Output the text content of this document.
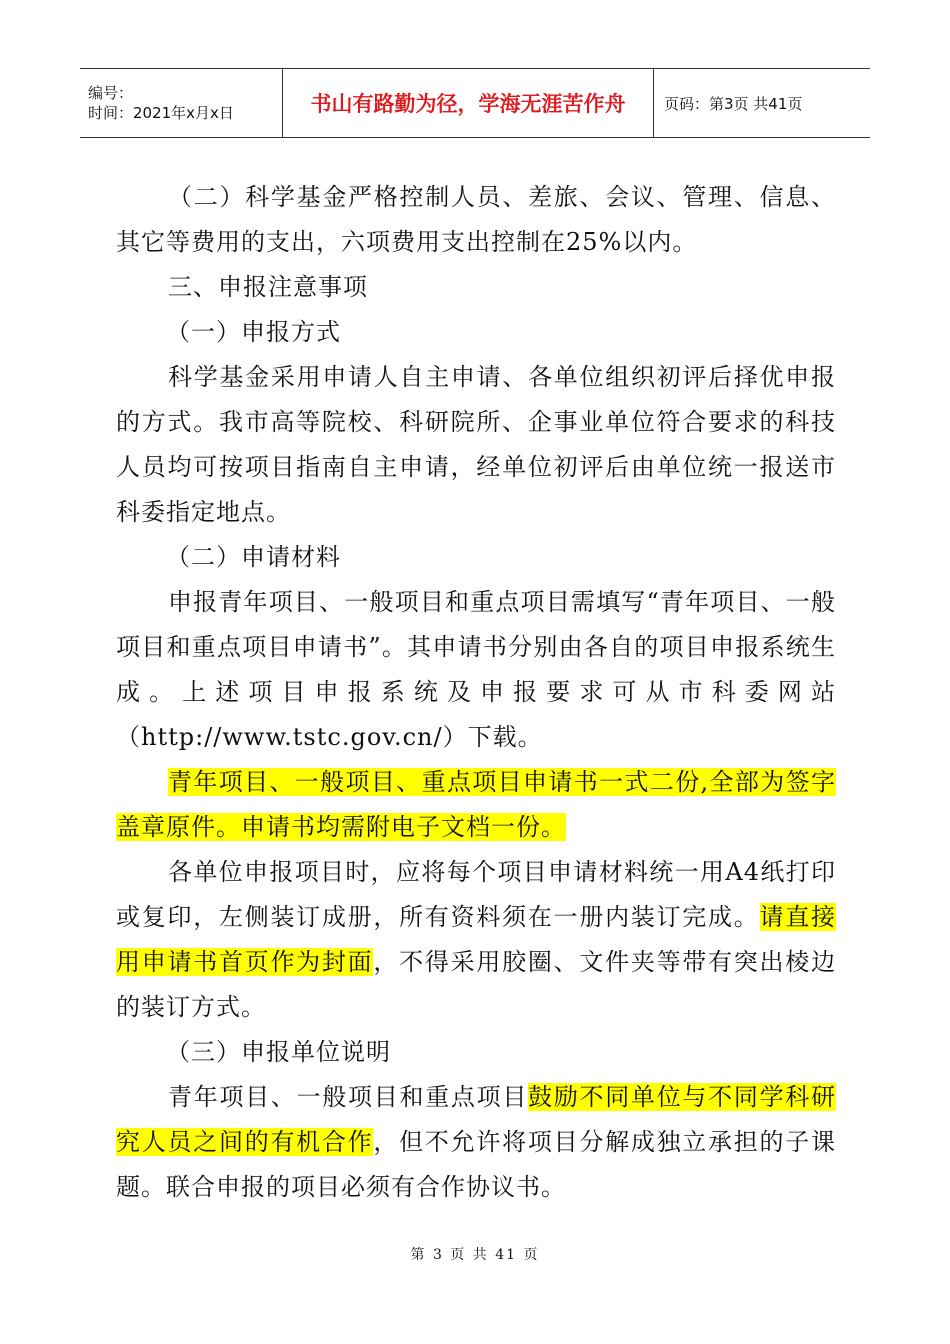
编号：
时间：2021年x月x日	书山有路勤为径，学海无涯苦作舟	页码：第3页 共41页

（二）科学基金严格控制人员、差旅、会议、管理、信息、其它等费用的支出，六项费用支出控制在25%以内。

三、申报注意事项

（一）申报方式

科学基金采用申请人自主申请、各单位组织初评后择优申报的方式。我市高等院校、科研院所、企事业单位符合要求的科技人员均可按项目指南自主申请，经单位初评后由单位统一报送市科委指定地点。

（二）申请材料

申报青年项目、一般项目和重点项目需填写“青年项目、一般项目和重点项目申请书”。其申请书分别由各自的项目申报系统生成。上述项目申报系统及申报要求可从市科委网站（http://www.tstc.gov.cn/）下载。

青年项目、一般项目、重点项目申请书一式二份,全部为签字盖章原件。申请书均需附电子文档一份。

各单位申报项目时，应将每个项目申请材料统一用A4纸打印或复印，左侧装订成册，所有资料须在一册内装订完成。请直接用申请书首页作为封面，不得采用胶圈、文件夹等带有突出棱边的装订方式。

（三）申报单位说明

青年项目、一般项目和重点项目鼓励不同单位与不同学科研究人员之间的有机合作，但不允许将项目分解成独立承担的子课题。联合申报的项目必须有合作协议书。

第 3 页 共 41 页
